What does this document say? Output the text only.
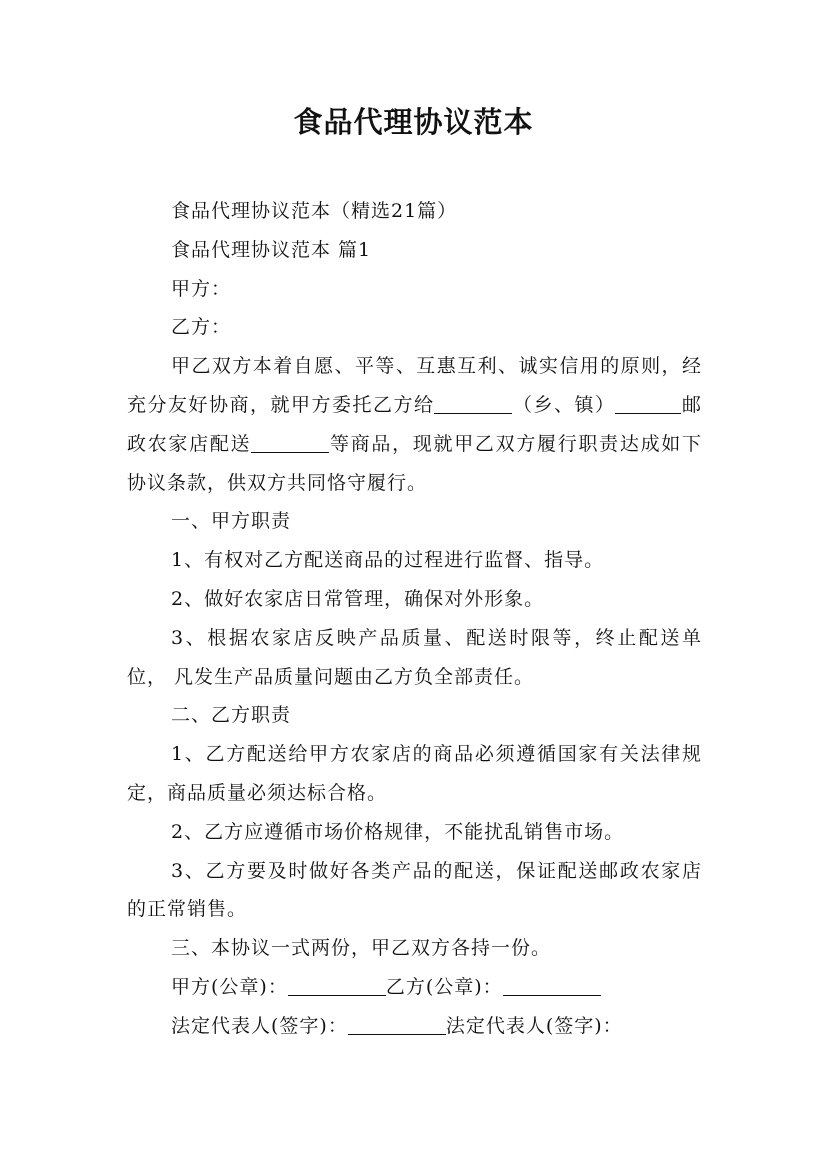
食品代理协议范本

食品代理协议范本（精选21篇）

食品代理协议范本 篇1

甲方：

乙方：

甲乙双方本着自愿、平等、互惠互利、诚实信用的原则，经充分友好协商，就甲方委托乙方给	（乡、镇）	邮政农家店配送	等商品，现就甲乙双方履行职责达成如下协议条款，供双方共同恪守履行。

一、甲方职责

1、有权对乙方配送商品的过程进行监督、指导。

2、做好农家店日常管理，确保对外形象。

3、根据农家店反映产品质量、配送时限等，终止配送单位， 凡发生产品质量问题由乙方负全部责任。

二、乙方职责

1、乙方配送给甲方农家店的商品必须遵循国家有关法律规定，商品质量必须达标合格。

2、乙方应遵循市场价格规律，不能扰乱销售市场。

3、乙方要及时做好各类产品的配送，保证配送邮政农家店的正常销售。

三、本协议一式两份，甲乙双方各持一份。

甲方(公章)：	乙方(公章)：

法定代表人(签字)：	法定代表人(签字)：
